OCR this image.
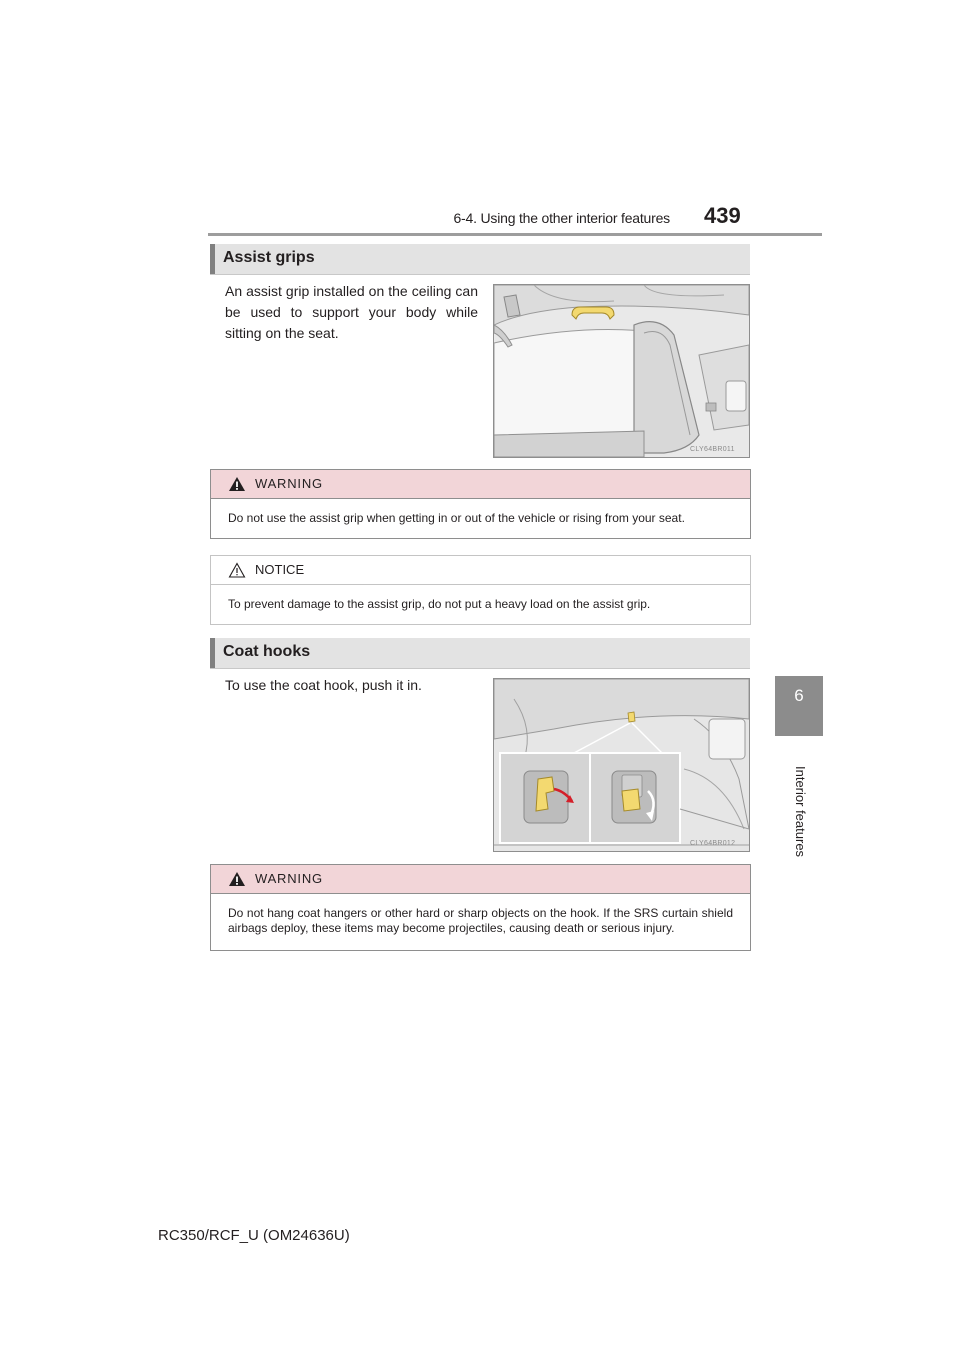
6-4. Using the other interior features 439
6
Interior features
Assist grips
An assist grip installed on the ceiling can be used to support your body while sitting on the seat.
CLY64BR011
WARNING
Do not use the assist grip when getting in or out of the vehicle or rising from your seat.
NOTICE
To prevent damage to the assist grip, do not put a heavy load on the assist grip.
Coat hooks
To use the coat hook, push it in.
CLY64BR012
WARNING
Do not hang coat hangers or other hard or sharp objects on the hook. If the SRS curtain shield airbags deploy, these items may become projectiles, causing death or serious injury.
RC350/RCF_U (OM24636U)
